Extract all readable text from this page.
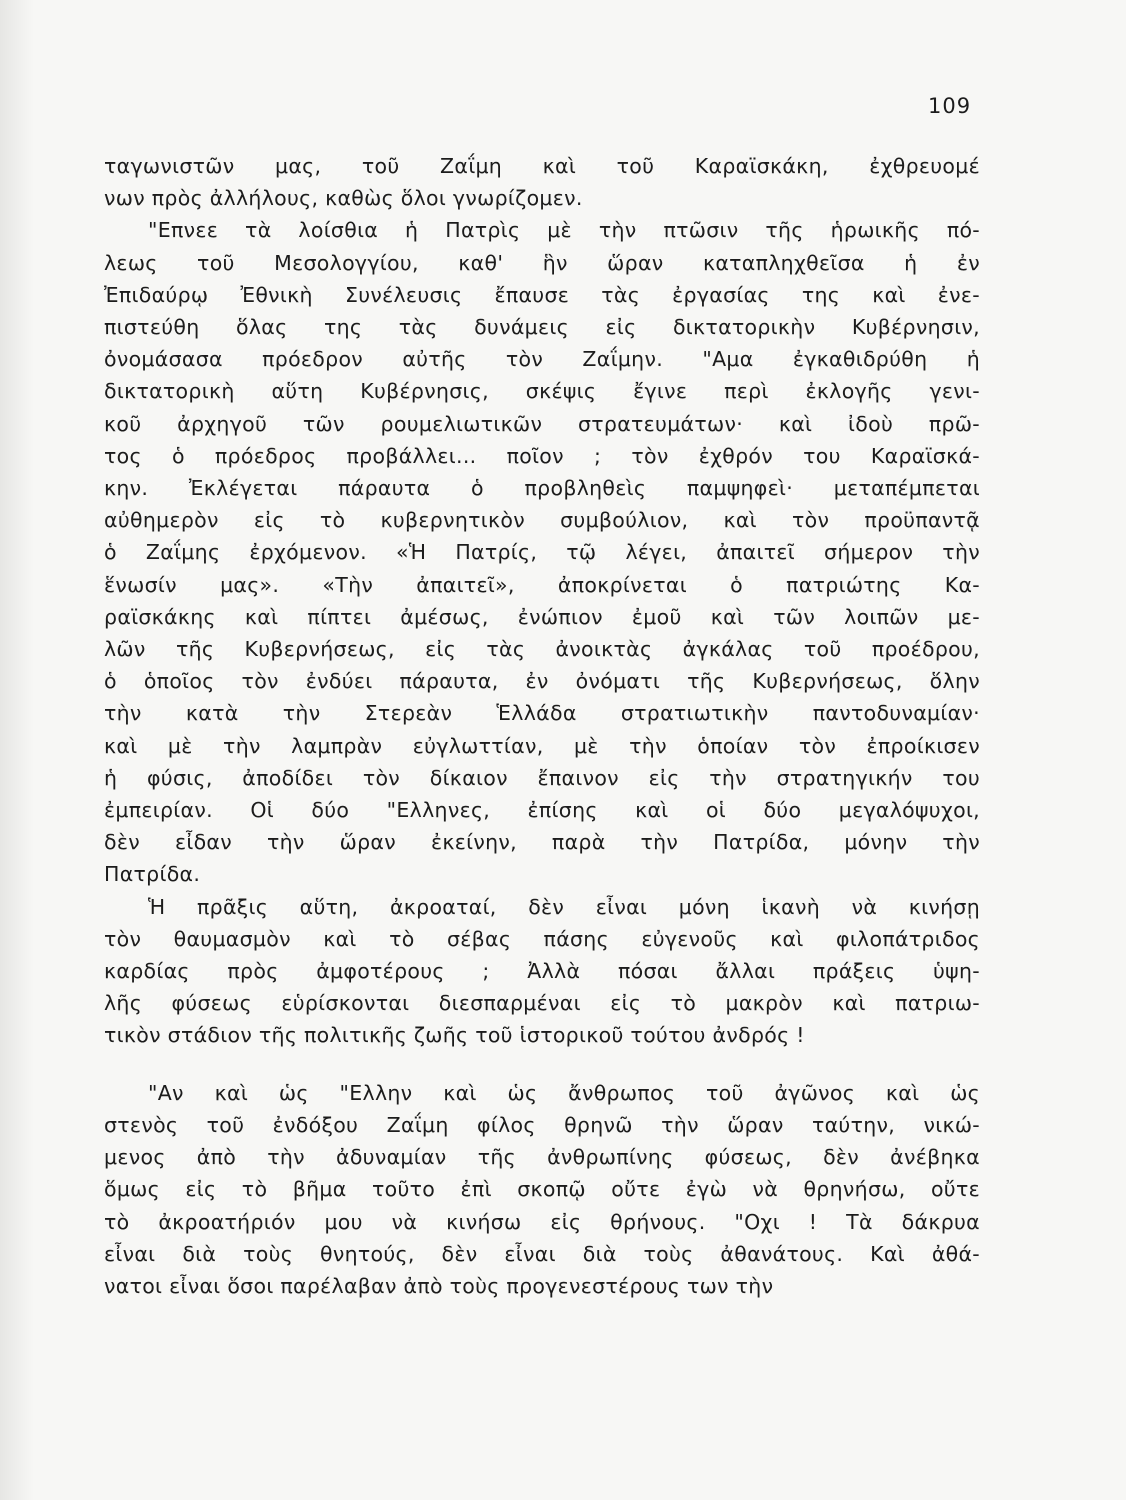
109
ταγωνιστῶν μας, τοῦ Ζαΐμη καὶ τοῦ Καραϊσκάκη, ἐχθρευομέ
νων πρὸς ἀλλήλους, καθὼς ὅλοι γνωρίζομεν.
"Επνεε τὰ λοίσθια ἡ Πατρὶς μὲ τὴν πτῶσιν τῆς ἡρωικῆς πό-
λεως τοῦ Μεσολογγίου, καθ' ἣν ὥραν καταπληχθεῖσα ἡ ἐν
Ἐπιδαύρῳ Ἐθνικὴ Συνέλευσις ἔπαυσε τὰς ἐργασίας της καὶ ἐνε-
πιστεύθη ὅλας της τὰς δυνάμεις εἰς δικτατορικὴν Κυβέρνησιν,
ὀνομάσασα πρόεδρον αὐτῆς τὸν Ζαΐμην. "Αμα ἐγκαθιδρύθη ἡ
δικτατορικὴ αὕτη Κυβέρνησις, σκέψις ἔγινε περὶ ἐκλογῆς γενι-
κοῦ ἀρχηγοῦ τῶν ρουμελιωτικῶν στρατευμάτων· καὶ ἰδοὺ πρῶ-
τος ὁ πρόεδρος προβάλλει... ποῖον ; τὸν ἐχθρόν του Καραϊσκά-
κην. Ἐκλέγεται πάραυτα ὁ προβληθεὶς παμψηφεὶ· μεταπέμπεται
αὐθημερὸν εἰς τὸ κυβερνητικὸν συμβούλιον, καὶ τὸν προϋπαντᾷ
ὁ Ζαΐμης ἐρχόμενον. «Ἡ Πατρίς, τῷ λέγει, ἀπαιτεῖ σήμερον τὴν
ἕνωσίν μας». «Τὴν ἀπαιτεῖ», ἀποκρίνεται ὁ πατριώτης Κα-
ραϊσκάκης καὶ πίπτει ἀμέσως, ἐνώπιον ἐμοῦ καὶ τῶν λοιπῶν με-
λῶν τῆς Κυβερνήσεως, εἰς τὰς ἀνοικτὰς ἀγκάλας τοῦ προέδρου,
ὁ ὁποῖος τὸν ἐνδύει πάραυτα, ἐν ὀνόματι τῆς Κυβερνήσεως, ὅλην
τὴν κατὰ τὴν Στερεὰν Ἑλλάδα στρατιωτικὴν παντοδυναμίαν·
καὶ μὲ τὴν λαμπρὰν εὐγλωττίαν, μὲ τὴν ὁποίαν τὸν ἐπροίκισεν
ἡ φύσις, ἀποδίδει τὸν δίκαιον ἔπαινον εἰς τὴν στρατηγικήν του
ἐμπειρίαν. Οἱ δύο "Ελληνες, ἐπίσης καὶ οἱ δύο μεγαλόψυχοι,
δὲν εἶδαν τὴν ὥραν ἐκείνην, παρὰ τὴν Πατρίδα, μόνην τὴν
Πατρίδα.
Ἡ πρᾶξις αὕτη, ἀκροαταί, δὲν εἶναι μόνη ἱκανὴ νὰ κινήσῃ
τὸν θαυμασμὸν καὶ τὸ σέβας πάσης εὐγενοῦς καὶ φιλοπάτριδος
καρδίας πρὸς ἀμφοτέρους ; Ἀλλὰ πόσαι ἄλλαι πράξεις ὑψη-
λῆς φύσεως εὑρίσκονται διεσπαρμέναι εἰς τὸ μακρὸν καὶ πατριω-
τικὸν στάδιον τῆς πολιτικῆς ζωῆς τοῦ ἱστορικοῦ τούτου ἀνδρός !
"Αν καὶ ὡς "Ελλην καὶ ὡς ἄνθρωπος τοῦ ἀγῶνος καὶ ὡς
στενὸς τοῦ ἐνδόξου Ζαΐμη φίλος θρηνῶ τὴν ὥραν ταύτην, νικώ-
μενος ἀπὸ τὴν ἀδυναμίαν τῆς ἀνθρωπίνης φύσεως, δὲν ἀνέβηκα
ὅμως εἰς τὸ βῆμα τοῦτο ἐπὶ σκοπῷ οὔτε ἐγὼ νὰ θρηνήσω, οὔτε
τὸ ἀκροατήριόν μου νὰ κινήσω εἰς θρήνους. "Οχι ! Τὰ δάκρυα
εἶναι διὰ τοὺς θνητούς, δὲν εἶναι διὰ τοὺς ἀθανάτους. Καὶ ἀθά-
νατοι εἶναι ὅσοι παρέλαβαν ἀπὸ τοὺς προγενεστέρους των τὴν
